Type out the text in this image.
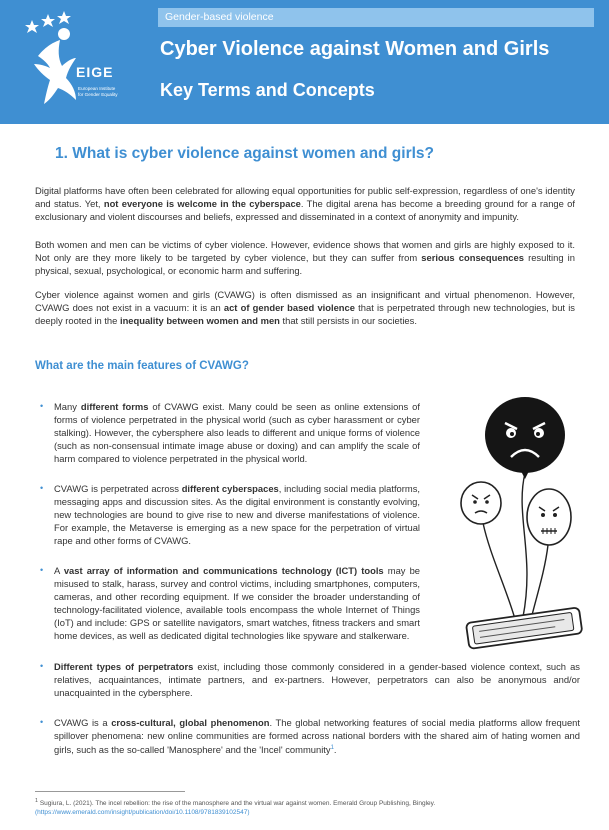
EIGE
European Institute
for Gender Equality
Gender-based violence
Cyber Violence against Women and Girls
Key Terms and Concepts
1. What is cyber violence against women and girls?

Digital platforms have often been celebrated for allowing equal opportunities for public self-expression, regardless of one's identity and status. Yet, not everyone is welcome in the cyberspace. The digital arena has become a breeding ground for a range of exclusionary and violent discourses and beliefs, expressed and disseminated in a context of anonymity and impunity.

Both women and men can be victims of cyber violence. However, evidence shows that women and girls are highly exposed to it. Not only are they more likely to be targeted by cyber violence, but they can suffer from serious consequences resulting in physical, sexual, psychological, or economic harm and suffering.

Cyber violence against women and girls (CVAWG) is often dismissed as an insignificant and virtual phenomenon. However, CVAWG does not exist in a vacuum: it is an act of gender based violence that is perpetrated through new technologies, but is deeply rooted in the inequality between women and men that still persists in our societies.

What are the main features of CVAWG?
• Many different forms of CVAWG exist. Many could be seen as online extensions of forms of violence perpetrated in the physical world (such as cyber harassment or cyber stalking). However, the cybersphere also leads to different and unique forms of violence (such as non-consensual intimate image abuse or doxing) and can amplify the scale of harm compared to violence perpetrated in the physical world.
• CVAWG is perpetrated across different cyberspaces, including social media platforms, messaging apps and discussion sites. As the digital environment is constantly evolving, new technologies are bound to give rise to new and diverse manifestations of violence. For example, the Metaverse is emerging as a new space for the perpetration of virtual rape and other forms of CVAWG.
• A vast array of information and communications technology (ICT) tools may be misused to stalk, harass, survey and control victims, including smartphones, computers, cameras, and other recording equipment. If we consider the broader understanding of technology-facilitated violence, available tools encompass the whole Internet of Things (IoT) and include: GPS or satellite navigators, smart watches, fitness trackers and smart home devices, as well as dedicated digital technologies like spyware and stalkerware.
• Different types of perpetrators exist, including those commonly considered in a gender-based violence context, such as relatives, acquaintances, intimate partners, and ex-partners. However, perpetrators can also be anonymous and/or unacquainted in the cybersphere.
• CVAWG is a cross-cultural, global phenomenon. The global networking features of social media platforms allow frequent spillover phenomena: new online communities are formed across national borders with the shared aim of hating women and girls, such as the so-called 'Manosphere' and the 'Incel' community$^1$.
$^1$ Sugiura, L. (2021). The incel rebellion: the rise of the manosphere and the virtual war against women. Emerald Group Publishing, Bingley.
(https://www.emerald.com/insight/publication/doi/10.1108/9781839102547)
